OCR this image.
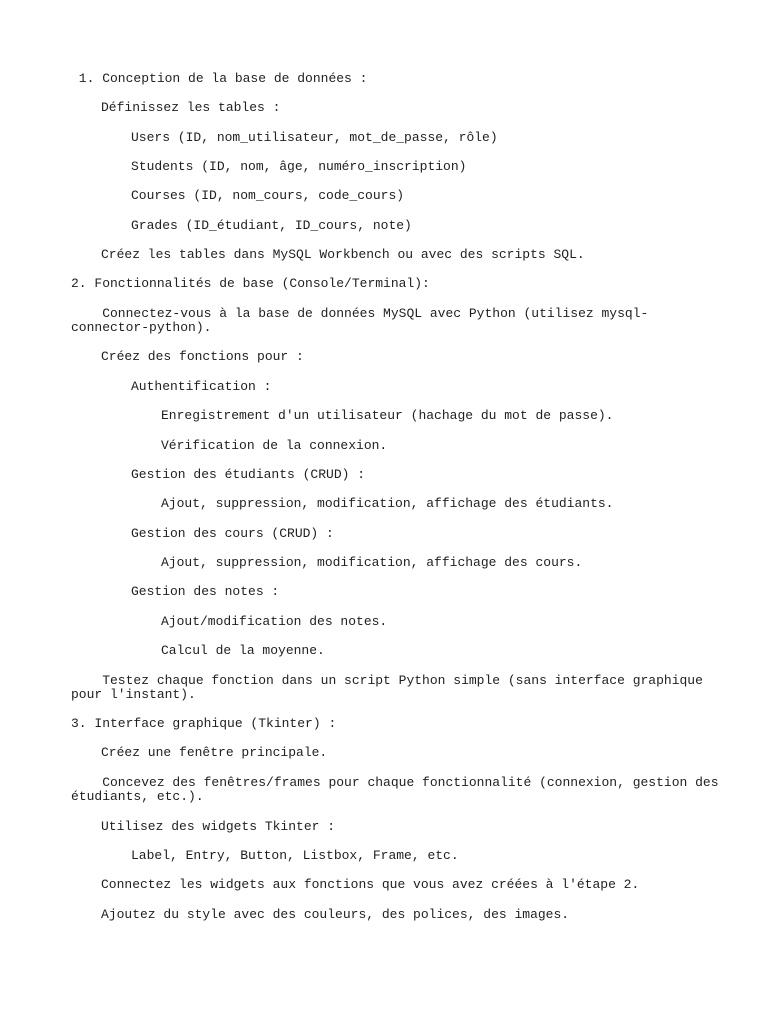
1. Conception de la base de données :

Définissez les tables :

Users (ID, nom_utilisateur, mot_de_passe, rôle)

Students (ID, nom, âge, numéro_inscription)

Courses (ID, nom_cours, code_cours)

Grades (ID_étudiant, ID_cours, note)

Créez les tables dans MySQL Workbench ou avec des scripts SQL.

2. Fonctionnalités de base (Console/Terminal):

Connectez-vous à la base de données MySQL avec Python (utilisez mysql-

connector-python).

Créez des fonctions pour :

Authentification :

Enregistrement d'un utilisateur (hachage du mot de passe).

Vérification de la connexion.

Gestion des étudiants (CRUD) :

Ajout, suppression, modification, affichage des étudiants.

Gestion des cours (CRUD) :

Ajout, suppression, modification, affichage des cours.

Gestion des notes :

Ajout/modification des notes.

Calcul de la moyenne.

Testez chaque fonction dans un script Python simple (sans interface graphique

pour l'instant).

3. Interface graphique (Tkinter) :

Créez une fenêtre principale.

Concevez des fenêtres/frames pour chaque fonctionnalité (connexion, gestion des

étudiants, etc.).

Utilisez des widgets Tkinter :

Label, Entry, Button, Listbox, Frame, etc.

Connectez les widgets aux fonctions que vous avez créées à l'étape 2.

Ajoutez du style avec des couleurs, des polices, des images.
